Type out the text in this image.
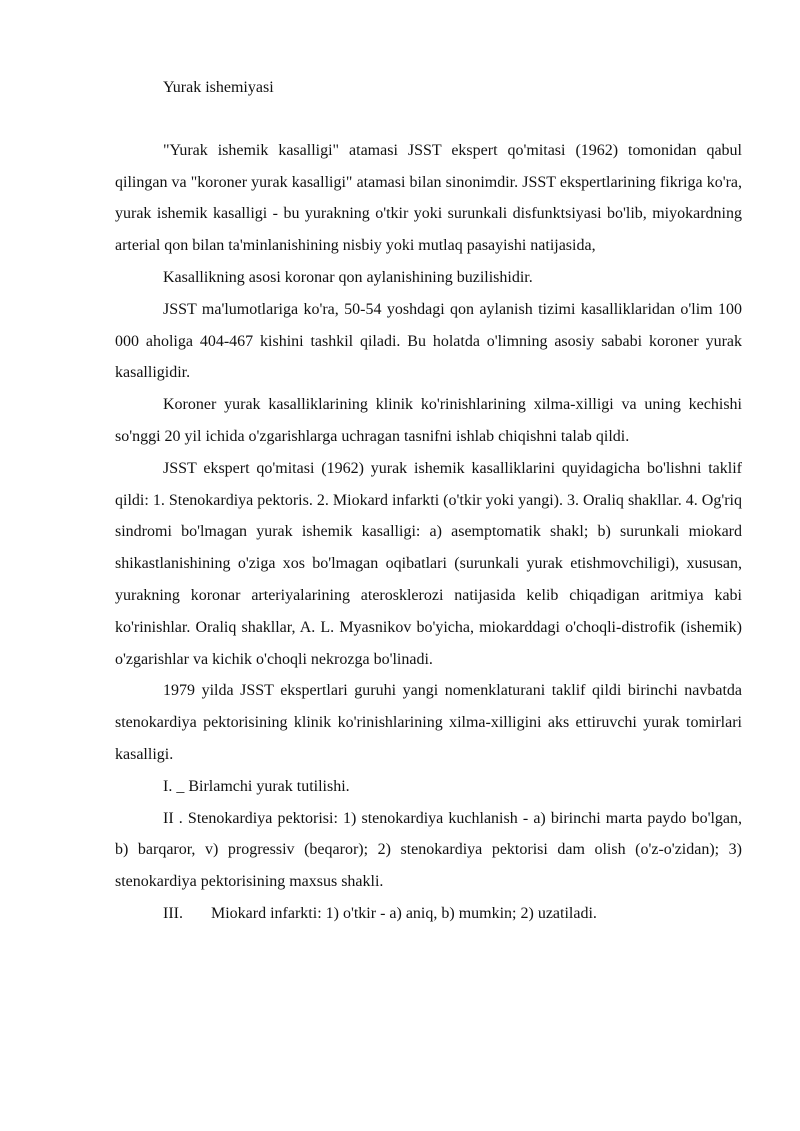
Yurak ishemiyasi

"Yurak ishemik kasalligi" atamasi JSST ekspert qo'mitasi (1962) tomonidan qabul qilingan va "koroner yurak kasalligi" atamasi bilan sinonimdir. JSST ekspertlarining fikriga ko'ra, yurak ishemik kasalligi - bu yurakning o'tkir yoki surunkali disfunktsiyasi bo'lib, miyokardning arterial qon bilan ta'minlanishining nisbiy yoki mutlaq pasayishi natijasida,

Kasallikning asosi koronar qon aylanishining buzilishidir.

JSST ma'lumotlariga ko'ra, 50-54 yoshdagi qon aylanish tizimi kasalliklaridan o'lim 100 000 aholiga 404-467 kishini tashkil qiladi. Bu holatda o'limning asosiy sababi koroner yurak kasalligidir.

Koroner yurak kasalliklarining klinik ko'rinishlarining xilma-xilligi va uning kechishi so'nggi 20 yil ichida o'zgarishlarga uchragan tasnifni ishlab chiqishni talab qildi.

JSST ekspert qo'mitasi (1962) yurak ishemik kasalliklarini quyidagicha bo'lishni taklif qildi: 1. Stenokardiya pektoris. 2. Miokard infarkti (o'tkir yoki yangi). 3. Oraliq shakllar. 4. Og'riq sindromi bo'lmagan yurak ishemik kasalligi: a) asemptomatik shakl; b) surunkali miokard shikastlanishining o'ziga xos bo'lmagan oqibatlari (surunkali yurak etishmovchiligi), xususan, yurakning koronar arteriyalarining aterosklerozi natijasida kelib chiqadigan aritmiya kabi ko'rinishlar. Oraliq shakllar, A. L. Myasnikov bo'yicha, miokarddagi o'choqli-distrofik (ishemik) o'zgarishlar va kichik o'choqli nekrozga bo'linadi.

1979 yilda JSST ekspertlari guruhi yangi nomenklaturani taklif qildi birinchi navbatda stenokardiya pektorisining klinik ko'rinishlarining xilma-xilligini aks ettiruvchi yurak tomirlari kasalligi.

I. _ Birlamchi yurak tutilishi.

II . Stenokardiya pektorisi: 1) stenokardiya kuchlanish - a) birinchi marta paydo bo'lgan, b) barqaror, v) progressiv (beqaror); 2) stenokardiya pektorisi dam olish (o'z-o'zidan); 3) stenokardiya pektorisining maxsus shakli.

III. Miokard infarkti: 1) o'tkir - a) aniq, b) mumkin; 2) uzatiladi.
